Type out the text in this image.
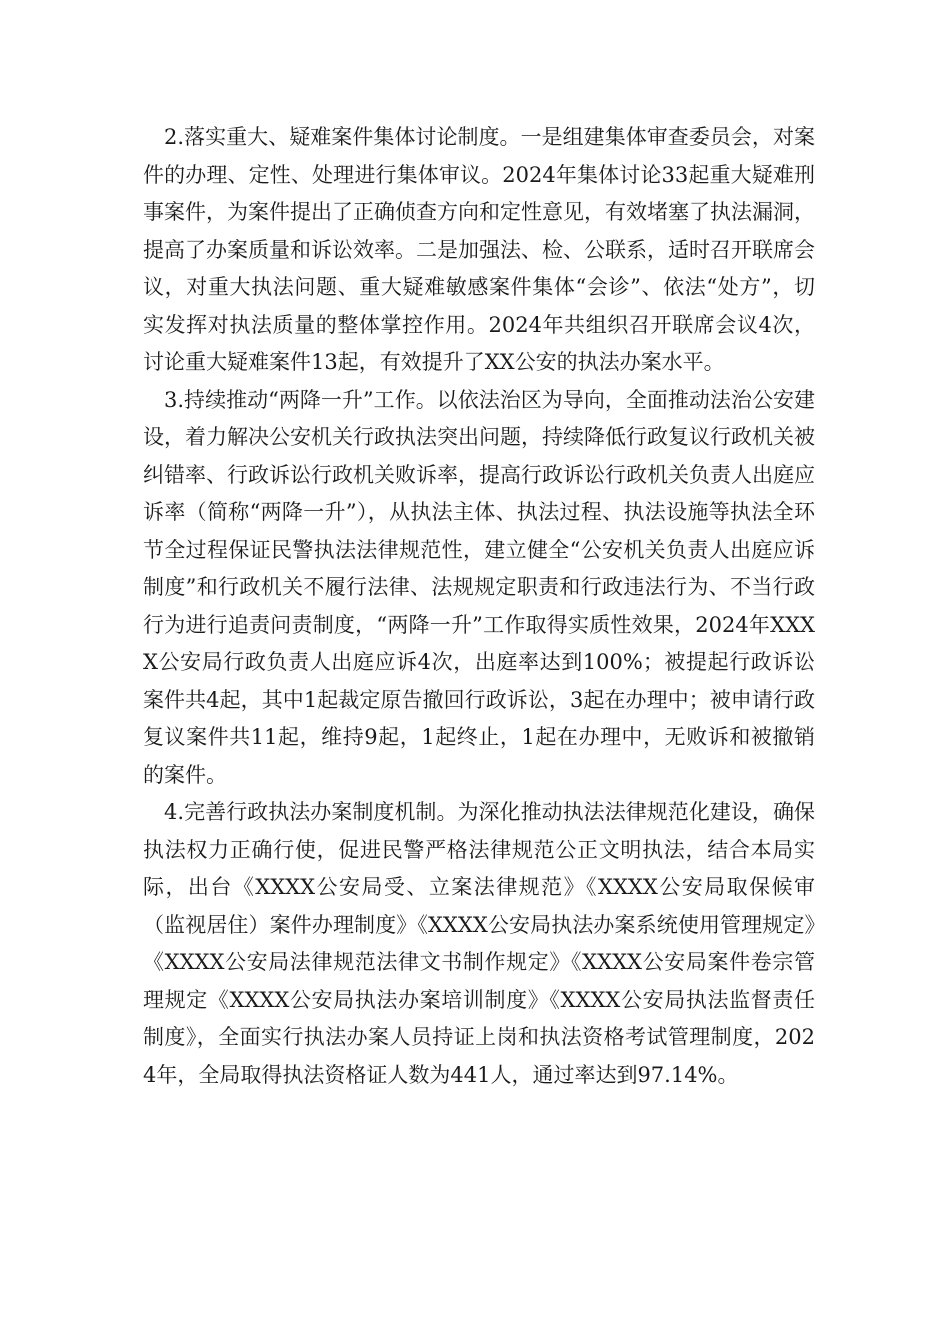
2.落实重大、疑难案件集体讨论制度。一是组建集体审查委员会，对案件的办理、定性、处理进行集体审议。2024年集体讨论33起重大疑难刑事案件，为案件提出了正确侦查方向和定性意见，有效堵塞了执法漏洞，提高了办案质量和诉讼效率。二是加强法、检、公联系，适时召开联席会议，对重大执法问题、重大疑难敏感案件集体“会诊”、依法“处方”，切实发挥对执法质量的整体掌控作用。2024年共组织召开联席会议4次，讨论重大疑难案件13起，有效提升了XX公安的执法办案水平。

3.持续推动“两降一升”工作。以依法治区为导向，全面推动法治公安建设，着力解决公安机关行政执法突出问题，持续降低行政复议行政机关被纠错率、行政诉讼行政机关败诉率，提高行政诉讼行政机关负责人出庭应诉率（简称“两降一升”），从执法主体、执法过程、执法设施等执法全环节全过程保证民警执法法律规范性，建立健全“公安机关负责人出庭应诉制度”和行政机关不履行法律、法规规定职责和行政违法行为、不当行政行为进行追责问责制度，“两降一升”工作取得实质性效果，2024年XXXX公安局行政负责人出庭应诉4次，出庭率达到100%；被提起行政诉讼案件共4起，其中1起裁定原告撤回行政诉讼，3起在办理中；被申请行政复议案件共11起，维持9起，1起终止，1起在办理中，无败诉和被撤销的案件。

4.完善行政执法办案制度机制。为深化推动执法法律规范化建设，确保执法权力正确行使，促进民警严格法律规范公正文明执法，结合本局实际，出台《XXXX公安局受、立案法律规范》《XXXX公安局取保候审（监视居住）案件办理制度》《XXXX公安局执法办案系统使用管理规定》《XXXX公安局法律规范法律文书制作规定》《XXXX公安局案件卷宗管理规定《XXXX公安局执法办案培训制度》《XXXX公安局执法监督责任制度》，全面实行执法办案人员持证上岗和执法资格考试管理制度，2024年，全局取得执法资格证人数为441人，通过率达到97.14%。
